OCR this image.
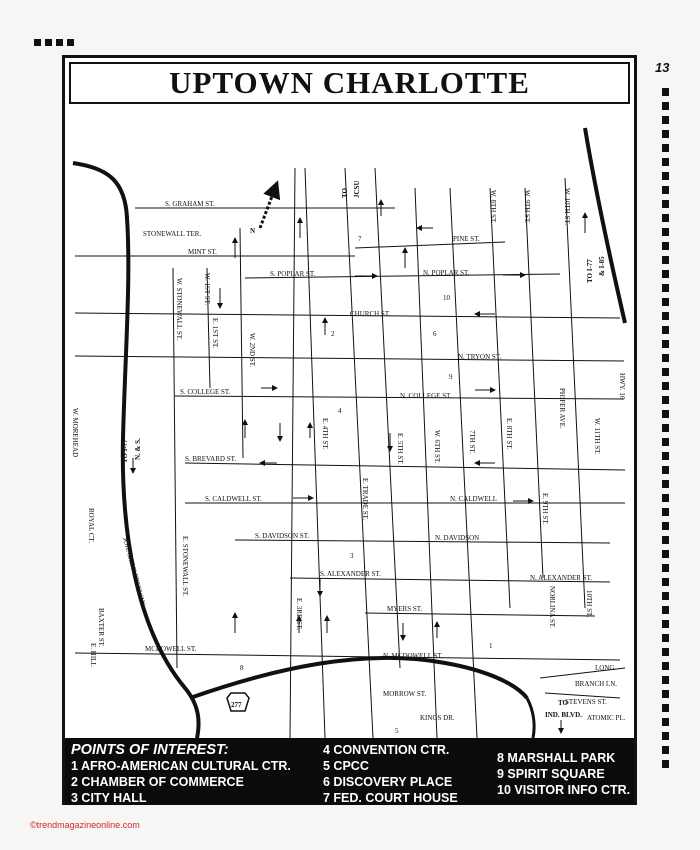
13
UPTOWN CHARLOTTE
N
277
S. GRAHAM ST.
STONEWALL TER.
MINT ST.
S. POPLAR ST.	N. POPLAR ST.
PINE ST.
CHURCH ST.
N. TRYON ST.
S. COLLEGE ST.	N. COLLEGE ST.
S. BREVARD ST.
S. CALDWELL ST.	N. CALDWELL
S. DAVIDSON ST.	N. DAVIDSON
S. ALEXANDER ST.	N. ALEXANDER ST.
MYERS ST.
MCDOWELL ST.
N. MCDOWELL ST.
MORROW ST.
KINGS DR.
PHIFER AVE.
HWY. 16
LONG
BRANCH LN.
STEVENS ST.
ATOMIC PL.
W. STONEWALL ST.	W. 1ST ST.
E. 1ST ST.	W. 2ND ST.
E. 4TH ST.	E. 5TH ST.	W. 6TH ST.	7TH ST.	E. 8TH ST.
E. 9TH ST.
W. 8TH ST.	W. 9TH ST.	W. 10TH ST.
W. 11TH ST.
E. TRADE ST.
E. STONEWALL ST.
E. 3RD ST.	NORLINA ST.	10TH ST.
W. MOREHEAD
ROYAL CT.
JOHNBELK FREEWAY
BAXTER ST.
E. HILL
TO JCSU
TO I-77 & I-85
TO I-77 N. & S.
TO
IND. BLVD.
1
2
3
4
5
6
7
8
9
10
POINTS OF INTEREST:
1 AFRO-AMERICAN CULTURAL CTR.
2 CHAMBER OF COMMERCE
3 CITY HALL
4 CONVENTION CTR.
5 CPCC
6 DISCOVERY PLACE
7 FED. COURT HOUSE
8 MARSHALL PARK
9 SPIRIT SQUARE
10 VISITOR INFO CTR.
©trendmagazineonline.com
